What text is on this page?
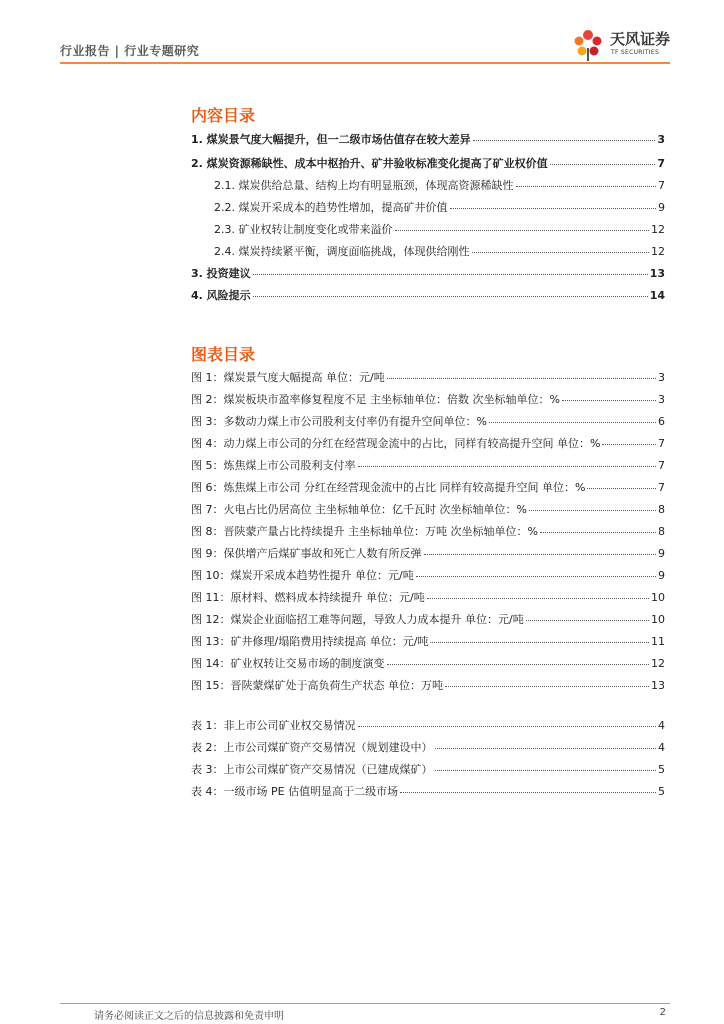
行业报告 | 行业专题研究
天风证券
TF SECURITIES
内容目录
1. 煤炭景气度大幅提升，但一二级市场估值存在较大差异	3
2. 煤炭资源稀缺性、成本中枢抬升、矿井验收标准变化提高了矿业权价值	7
2.1. 煤炭供给总量、结构上均有明显瓶颈，体现高资源稀缺性	7
2.2. 煤炭开采成本的趋势性增加，提高矿井价值	9
2.3. 矿业权转让制度变化或带来溢价	12
2.4. 煤炭持续紧平衡，调度面临挑战，体现供给刚性	12
3. 投资建议	13
4. 风险提示	14
图表目录
图 1：煤炭景气度大幅提高 单位：元/吨	3
图 2：煤炭板块市盈率修复程度不足 主坐标轴单位：倍数 次坐标轴单位：%	3
图 3：多数动力煤上市公司股利支付率仍有提升空间单位：%	6
图 4：动力煤上市公司的分红在经营现金流中的占比，同样有较高提升空间 单位：%	7
图 5：炼焦煤上市公司股利支付率	7
图 6：炼焦煤上市公司 分红在经营现金流中的占比 同样有较高提升空间 单位：%	7
图 7：火电占比仍居高位 主坐标轴单位：亿千瓦时 次坐标轴单位：%	8
图 8：晋陕蒙产量占比持续提升 主坐标轴单位：万吨 次坐标轴单位：%	8
图 9：保供增产后煤矿事故和死亡人数有所反弹	9
图 10：煤炭开采成本趋势性提升 单位：元/吨	9
图 11：原材料、燃料成本持续提升 单位：元/吨	10
图 12：煤炭企业面临招工难等问题，导致人力成本提升 单位：元/吨	10
图 13：矿井修理/塌陷费用持续提高 单位：元/吨	11
图 14：矿业权转让交易市场的制度演变	12
图 15：晋陕蒙煤矿处于高负荷生产状态 单位：万吨	13
表 1：非上市公司矿业权交易情况	4
表 2：上市公司煤矿资产交易情况（规划建设中）	4
表 3：上市公司煤矿资产交易情况（已建成煤矿）	5
表 4：一级市场 PE 估值明显高于二级市场	5
请务必阅读正文之后的信息披露和免责申明	2
